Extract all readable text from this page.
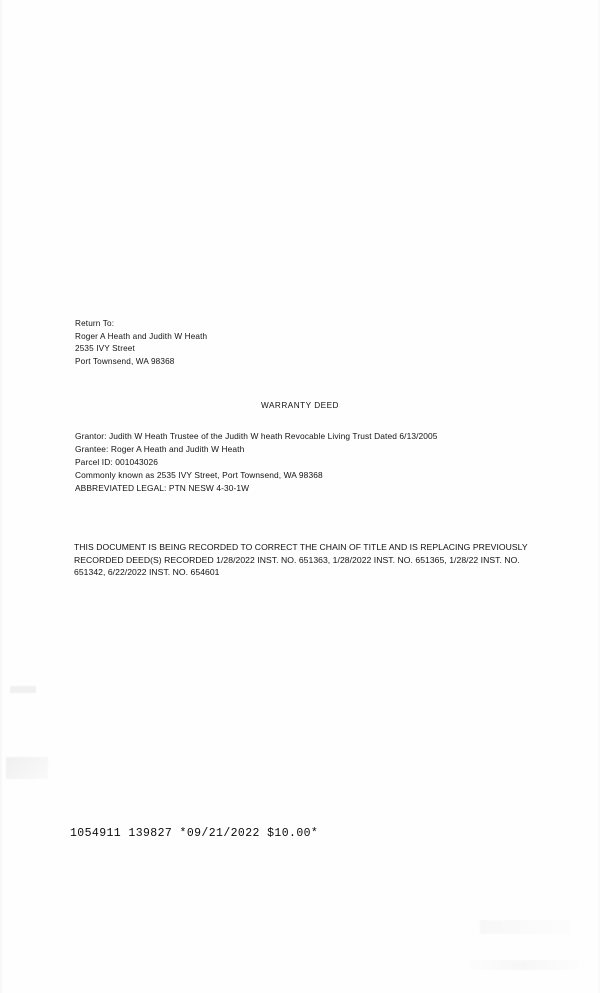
Return To:
Roger A Heath and Judith W Heath
2535 IVY Street
Port Townsend, WA 98368
WARRANTY DEED
Grantor: Judith W Heath Trustee of the Judith W heath Revocable Living Trust Dated 6/13/2005
Grantee: Roger A Heath and Judith W Heath
Parcel ID: 001043026
Commonly known as 2535 IVY Street, Port Townsend, WA 98368
ABBREVIATED LEGAL: PTN NESW 4-30-1W
THIS DOCUMENT IS BEING RECORDED TO CORRECT THE CHAIN OF TITLE AND IS REPLACING PREVIOUSLY RECORDED DEED(S) RECORDED 1/28/2022 INST. NO. 651363, 1/28/2022 INST. NO. 651365, 1/28/22 INST. NO. 651342, 6/22/2022 INST. NO. 654601
1054911 139827 *09/21/2022 $10.00*
